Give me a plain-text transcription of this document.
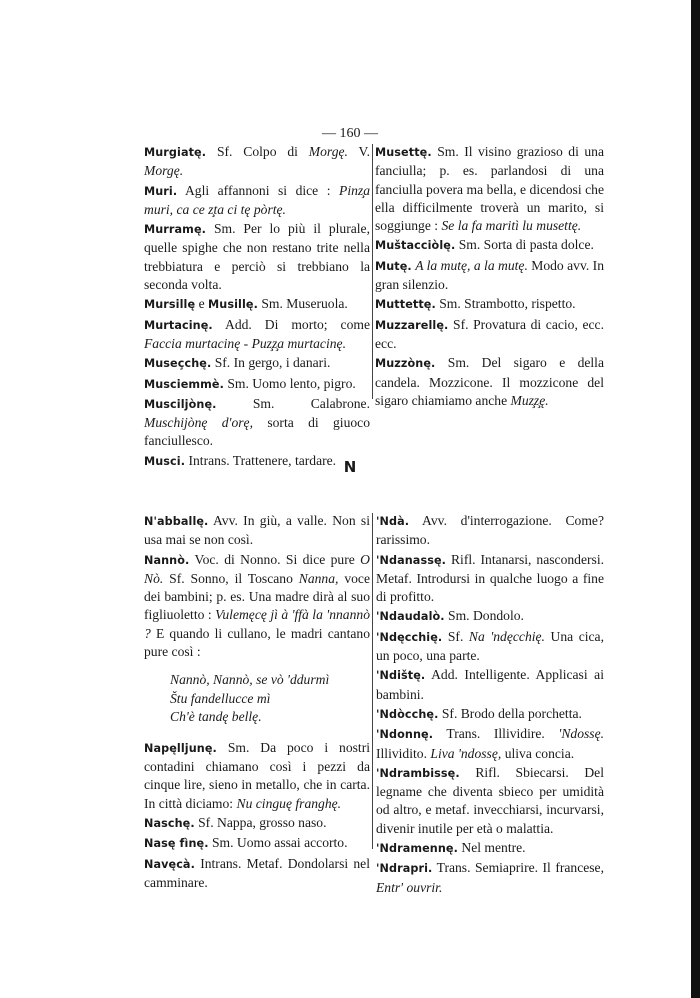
— 160 —
Murgiatę. Sf. Colpo di Morgę. V. Morgę.
Muri. Agli affannoni si dice : Pinz̧a muri, ca ce z̧ta ci tę pòrtę.
Murramę. Sm. Per lo più il plurale, quelle spighe che non restano trite nella trebbiatura e perciò si trebbiano la seconda volta.
Mursillę e Musillę. Sm. Museruola.
Murtacinę. Add. Di morto; come Faccia murtacinę - Puz̧z̧a murtacinę.
Museçchę. Sf. In gergo, i danari.
Musciemmè. Sm. Uomo lento, pigro.
Musciljònę.	Sm. Calabrone. Muschijònę d'orę, sorta di giuoco fanciullesco.
Musci. Intrans. Trattenere, tardare.
Musettę. Sm. Il visino grazioso di una fanciulla; p. es. parlandosi di una fanciulla povera ma bella, e dicendosi che ella difficilmente troverà un marito, si soggiunge : Se la fa maritì lu musettę.
Muštacciòlę. Sm. Sorta di pasta dolce.
Mutę. A la mutę, a la mutę. Modo avv. In gran silenzio.
Muttettę. Sm. Strambotto, rispetto.
Muzzarellę. Sf. Provatura di cacio, ecc. ecc.
Muzzònę. Sm. Del sigaro e della candela. Mozzicone. Il mozzicone del sigaro chiamiamo anche Muz̧z̧ę.
N
N'abballę. Avv. In giù, a valle. Non si usa mai se non così.
Nannò. Voc. di Nonno. Si dice pure O Nò. Sf. Sonno, il Toscano Nanna, voce dei bambini; p. es. Una madre dirà al suo figliuoletto : Vulemęcę jì à 'ffà la 'nnannò ? E quando li cullano, le madri cantano pure così :
Nannò, Nannò, se vò 'ddurmì
Štu fandellucce mì
Ch'è tandę bellę.
Napęlljunę. Sm. Da poco i nostri contadini chiamano così i pezzi da cinque lire, sieno in metallo, che in carta. In città diciamo: Nu cinguę franghę.
Naschę. Sf. Nappa, grosso naso.
Nasę fìnę. Sm. Uomo assai accorto.
Navęcà. Intrans. Metaf. Dondolarsi nel camminare.
'Ndà. Avv. d'interrogazione. Come? rarissimo.
'Ndanassę. Rifl. Intanarsi, nascondersi. Metaf. Introdursi in qualche luogo a fine di profitto.
'Ndaudalò. Sm. Dondolo.
'Ndęcchię. Sf. Na 'ndęcchię. Una cica, un poco, una parte.
'Ndištę. Add. Intelligente. Applicasi ai bambini.
'Ndòcchę. Sf. Brodo della porchetta.
'Ndonnę. Trans. Illividire. 'Ndossę. Illividito. Liva 'ndossę, uliva concia.
'Ndrambissę. Rifl. Sbiecarsi. Del legname che diventa sbieco per umidità od altro, e metaf. invecchiarsi, incurvarsi, divenir inutile per età o malattia.
'Ndramennę. Nel mentre.
'Ndrapri. Trans. Semiaprire. Il francese, Entr' ouvrir.
